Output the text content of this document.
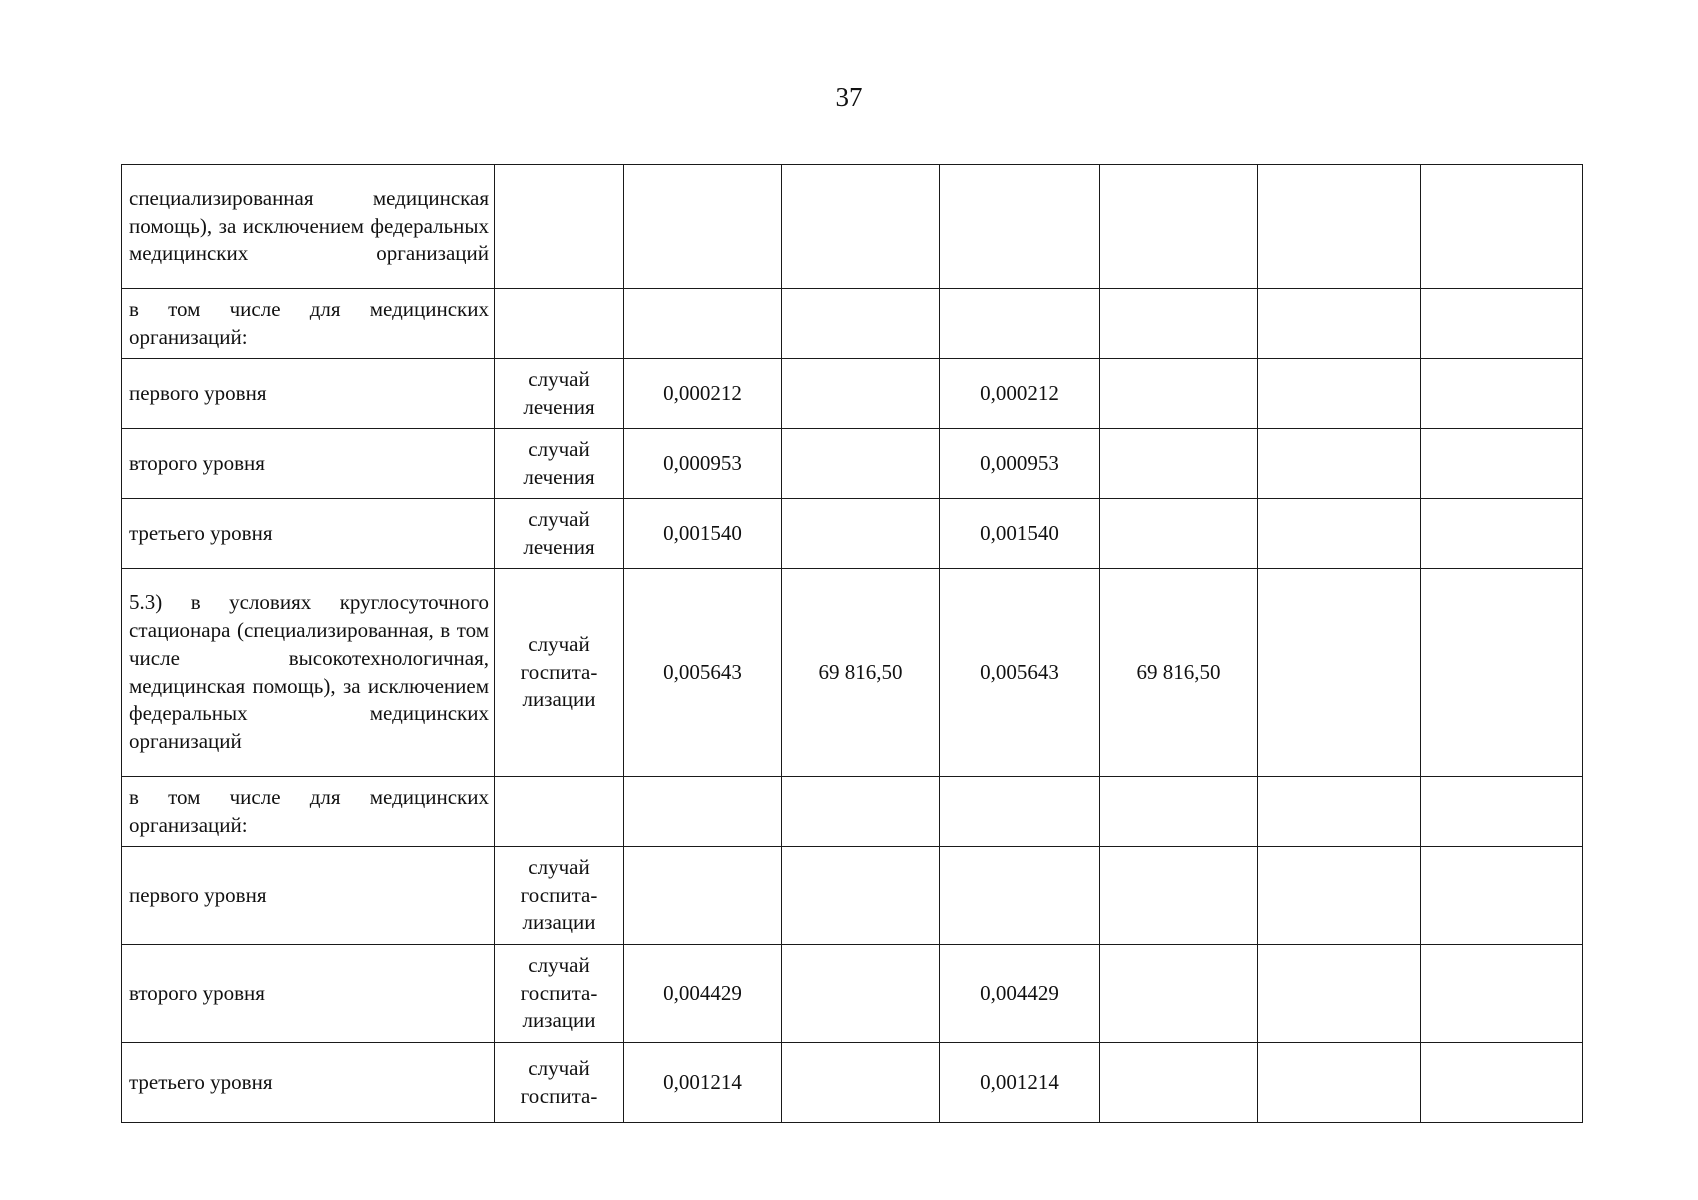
37
специализированная медицинская помощь), за исключением федеральных медицинских организаций							
в том числе для медицинских организаций:							
первого уровня	случай лечения	0,000212		0,000212			
второго уровня	случай лечения	0,000953		0,000953			
третьего уровня	случай лечения	0,001540		0,001540			
5.3) в условиях круглосуточного стационара (специализированная, в том числе высокотехнологичная, медицинская помощь), за исключением федеральных медицинских организаций	случай госпита-лизации	0,005643	69 816,50	0,005643	69 816,50		
в том числе для медицинских организаций:							
первого уровня	случай госпита-лизации						
второго уровня	случай госпита-лизации	0,004429		0,004429			
третьего уровня	случай госпита-	0,001214		0,001214			
